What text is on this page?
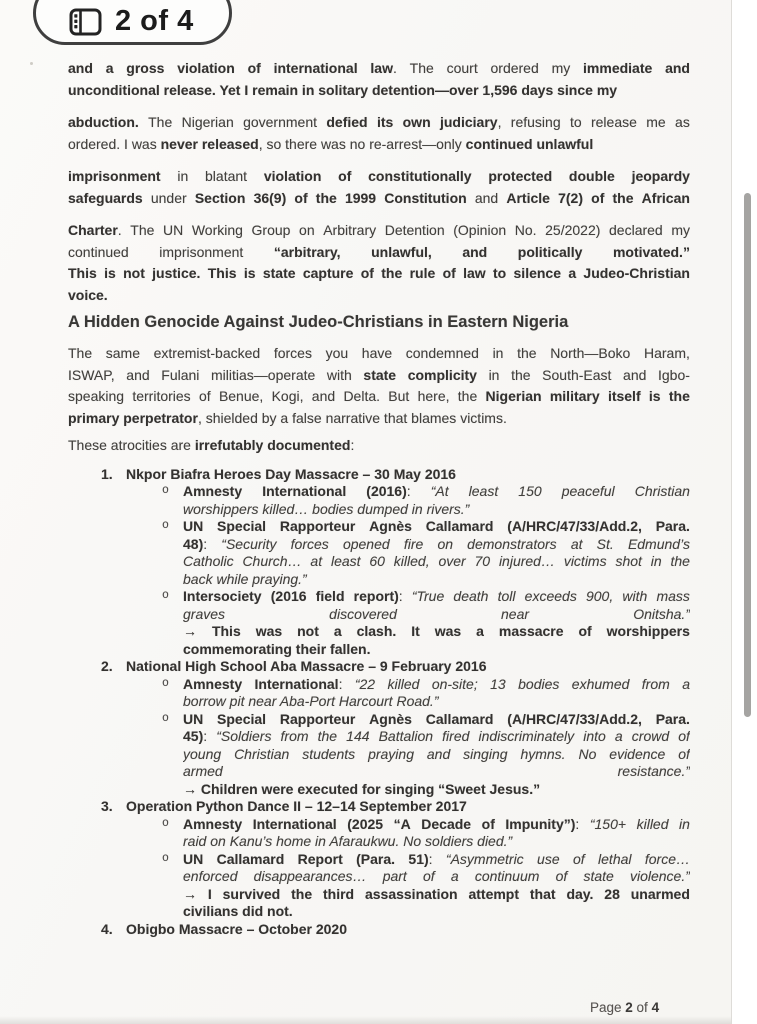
and a gross violation of international law. The court ordered my immediate and
unconditional release. Yet I remain in solitary detention—over 1,596 days since my
abduction. The Nigerian government defied its own judiciary, refusing to release me as
ordered. I was never released, so there was no re-arrest—only continued unlawful
imprisonment in blatant violation of constitutionally protected double jeopardy
safeguards under Section 36(9) of the 1999 Constitution and Article 7(2) of the African
Charter. The UN Working Group on Arbitrary Detention (Opinion No. 25/2022) declared my
continued imprisonment “arbitrary, unlawful, and politically motivated.”
This is not justice. This is state capture of the rule of law to silence a Judeo-Christian
voice.
A Hidden Genocide Against Judeo-Christians in Eastern Nigeria
The same extremist-backed forces you have condemned in the North—Boko Haram,
ISWAP, and Fulani militias—operate with state complicity in the South-East and Igbo-
speaking territories of Benue, Kogi, and Delta. But here, the Nigerian military itself is the
primary perpetrator, shielded by a false narrative that blames victims.
These atrocities are irrefutably documented:
1. Nkpor Biafra Heroes Day Massacre – 30 May 2016
o Amnesty International (2016): “At least 150 peaceful Christian
worshippers killed… bodies dumped in rivers.”
o UN Special Rapporteur Agnès Callamard (A/HRC/47/33/Add.2, Para.
48): “Security forces opened fire on demonstrators at St. Edmund’s
Catholic Church… at least 60 killed, over 70 injured… victims shot in the
back while praying.”
o Intersociety (2016 field report): “True death toll exceeds 900, with mass
graves	discovered	near	Onitsha.”
→ This was not a clash. It was a massacre of worshippers
commemorating their fallen.
2. National High School Aba Massacre – 9 February 2016
o Amnesty International: “22 killed on-site; 13 bodies exhumed from a
borrow pit near Aba-Port Harcourt Road.”
o UN Special Rapporteur Agnès Callamard (A/HRC/47/33/Add.2, Para.
45): “Soldiers from the 144 Battalion fired indiscriminately into a crowd of
young Christian students praying and singing hymns. No evidence of
armed	resistance.”
→ Children were executed for singing “Sweet Jesus.”
3. Operation Python Dance II – 12–14 September 2017
o Amnesty International (2025 “A Decade of Impunity”): “150+ killed in
raid on Kanu’s home in Afaraukwu. No soldiers died.”
o UN Callamard Report (Para. 51): “Asymmetric use of lethal force…
enforced disappearances… part of a continuum of state violence.”
→ I survived the third assassination attempt that day. 28 unarmed
civilians did not.
4. Obigbo Massacre – October 2020
Page 2 of 4
2 of 4
